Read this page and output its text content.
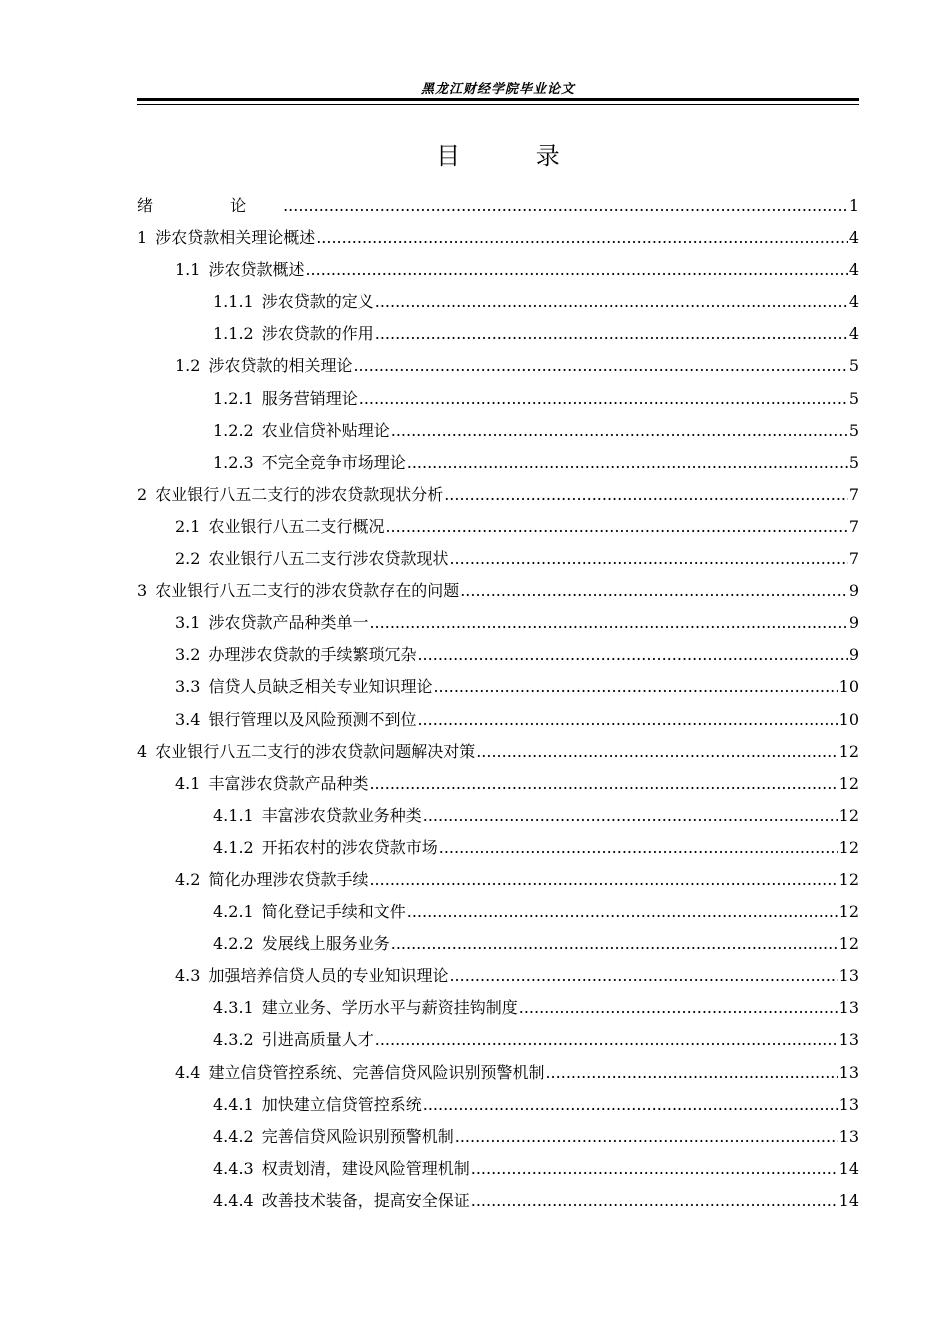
黑龙江财经学院毕业论文
目 录
绪 论 .....	1
1 涉农贷款相关理论概述 .....	4
1.1 涉农贷款概述 .....	4
1.1.1 涉农贷款的定义 .....	4
1.1.2 涉农贷款的作用 .....	4
1.2 涉农贷款的相关理论 .....	5
1.2.1 服务营销理论 .....	5
1.2.2 农业信贷补贴理论 .....	5
1.2.3 不完全竞争市场理论 .....	5
2 农业银行八五二支行的涉农贷款现状分析 .....	7
2.1 农业银行八五二支行概况 .....	7
2.2 农业银行八五二支行涉农贷款现状 .....	7
3 农业银行八五二支行的涉农贷款存在的问题 .....	9
3.1 涉农贷款产品种类单一 .....	9
3.2 办理涉农贷款的手续繁琐冗杂 .....	9
3.3 信贷人员缺乏相关专业知识理论 .....	10
3.4 银行管理以及风险预测不到位 .....	10
4 农业银行八五二支行的涉农贷款问题解决对策 .....	12
4.1 丰富涉农贷款产品种类 .....	12
4.1.1 丰富涉农贷款业务种类 .....	12
4.1.2 开拓农村的涉农贷款市场 .....	12
4.2 简化办理涉农贷款手续 .....	12
4.2.1 简化登记手续和文件 .....	12
4.2.2 发展线上服务业务 .....	12
4.3 加强培养信贷人员的专业知识理论 .....	13
4.3.1 建立业务、学历水平与薪资挂钩制度 .....	13
4.3.2 引进高质量人才 .....	13
4.4 建立信贷管控系统、完善信贷风险识别预警机制 .....	13
4.4.1 加快建立信贷管控系统 .....	13
4.4.2 完善信贷风险识别预警机制 .....	13
4.4.3 权责划清，建设风险管理机制 .....	14
4.4.4 改善技术装备，提高安全保证 .....	14
